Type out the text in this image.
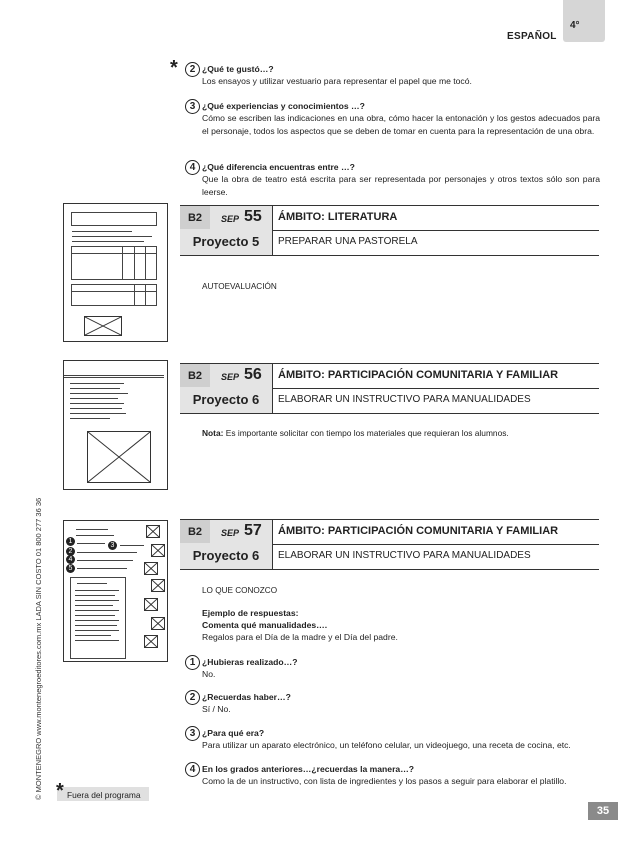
ESPAÑOL
4°
© MONTENEGRO www.montenegroeditores.com.mx LADA SIN COSTO 01 800 277 36 36
*	2 ¿Qué te gustó…?
Los ensayos y utilizar vestuario para representar el papel que me tocó.
3 ¿Qué experiencias y conocimientos …?
Cómo se escriben las indicaciones en una obra, cómo hacer la entonación y los gestos adecuados para el personaje, todos los aspectos que se deben de tomar en cuenta para la representación de una obra.
4 ¿Qué diferencia encuentras entre …?
Que la obra de teatro está escrita para ser representada por personajes y otros textos sólo son para leerse.
B2	SEP 55 ÁMBITO: LITERATURA
Proyecto 5	PREPARAR UNA PASTORELA
AUTOEVALUACIÓN
B2	SEP 56 ÁMBITO: PARTICIPACIÓN COMUNITARIA Y FAMILIAR
Proyecto 6	ELABORAR UN INSTRUCTIVO PARA MANUALIDADES
Nota: Es importante solicitar con tiempo los materiales que requieran los alumnos.
1
2
4
5
3
B2	SEP 57 ÁMBITO: PARTICIPACIÓN COMUNITARIA Y FAMILIAR
Proyecto 6	ELABORAR UN INSTRUCTIVO PARA MANUALIDADES
LO QUE CONOZCO
Ejemplo de respuestas:
Comenta qué manualidades….
Regalos para el Día de la madre y el Día del padre.
1 ¿Hubieras realizado…?
No.
2 ¿Recuerdas haber…?
Sí / No.
3 ¿Para qué era?
Para utilizar un aparato electrónico, un teléfono celular, un videojuego, una receta de cocina, etc.
4 En los grados anteriores…¿recuerdas la manera…?
Como la de un instructivo, con lista de ingredientes y los pasos a seguir para elaborar el platillo.
* Fuera del programa
35
